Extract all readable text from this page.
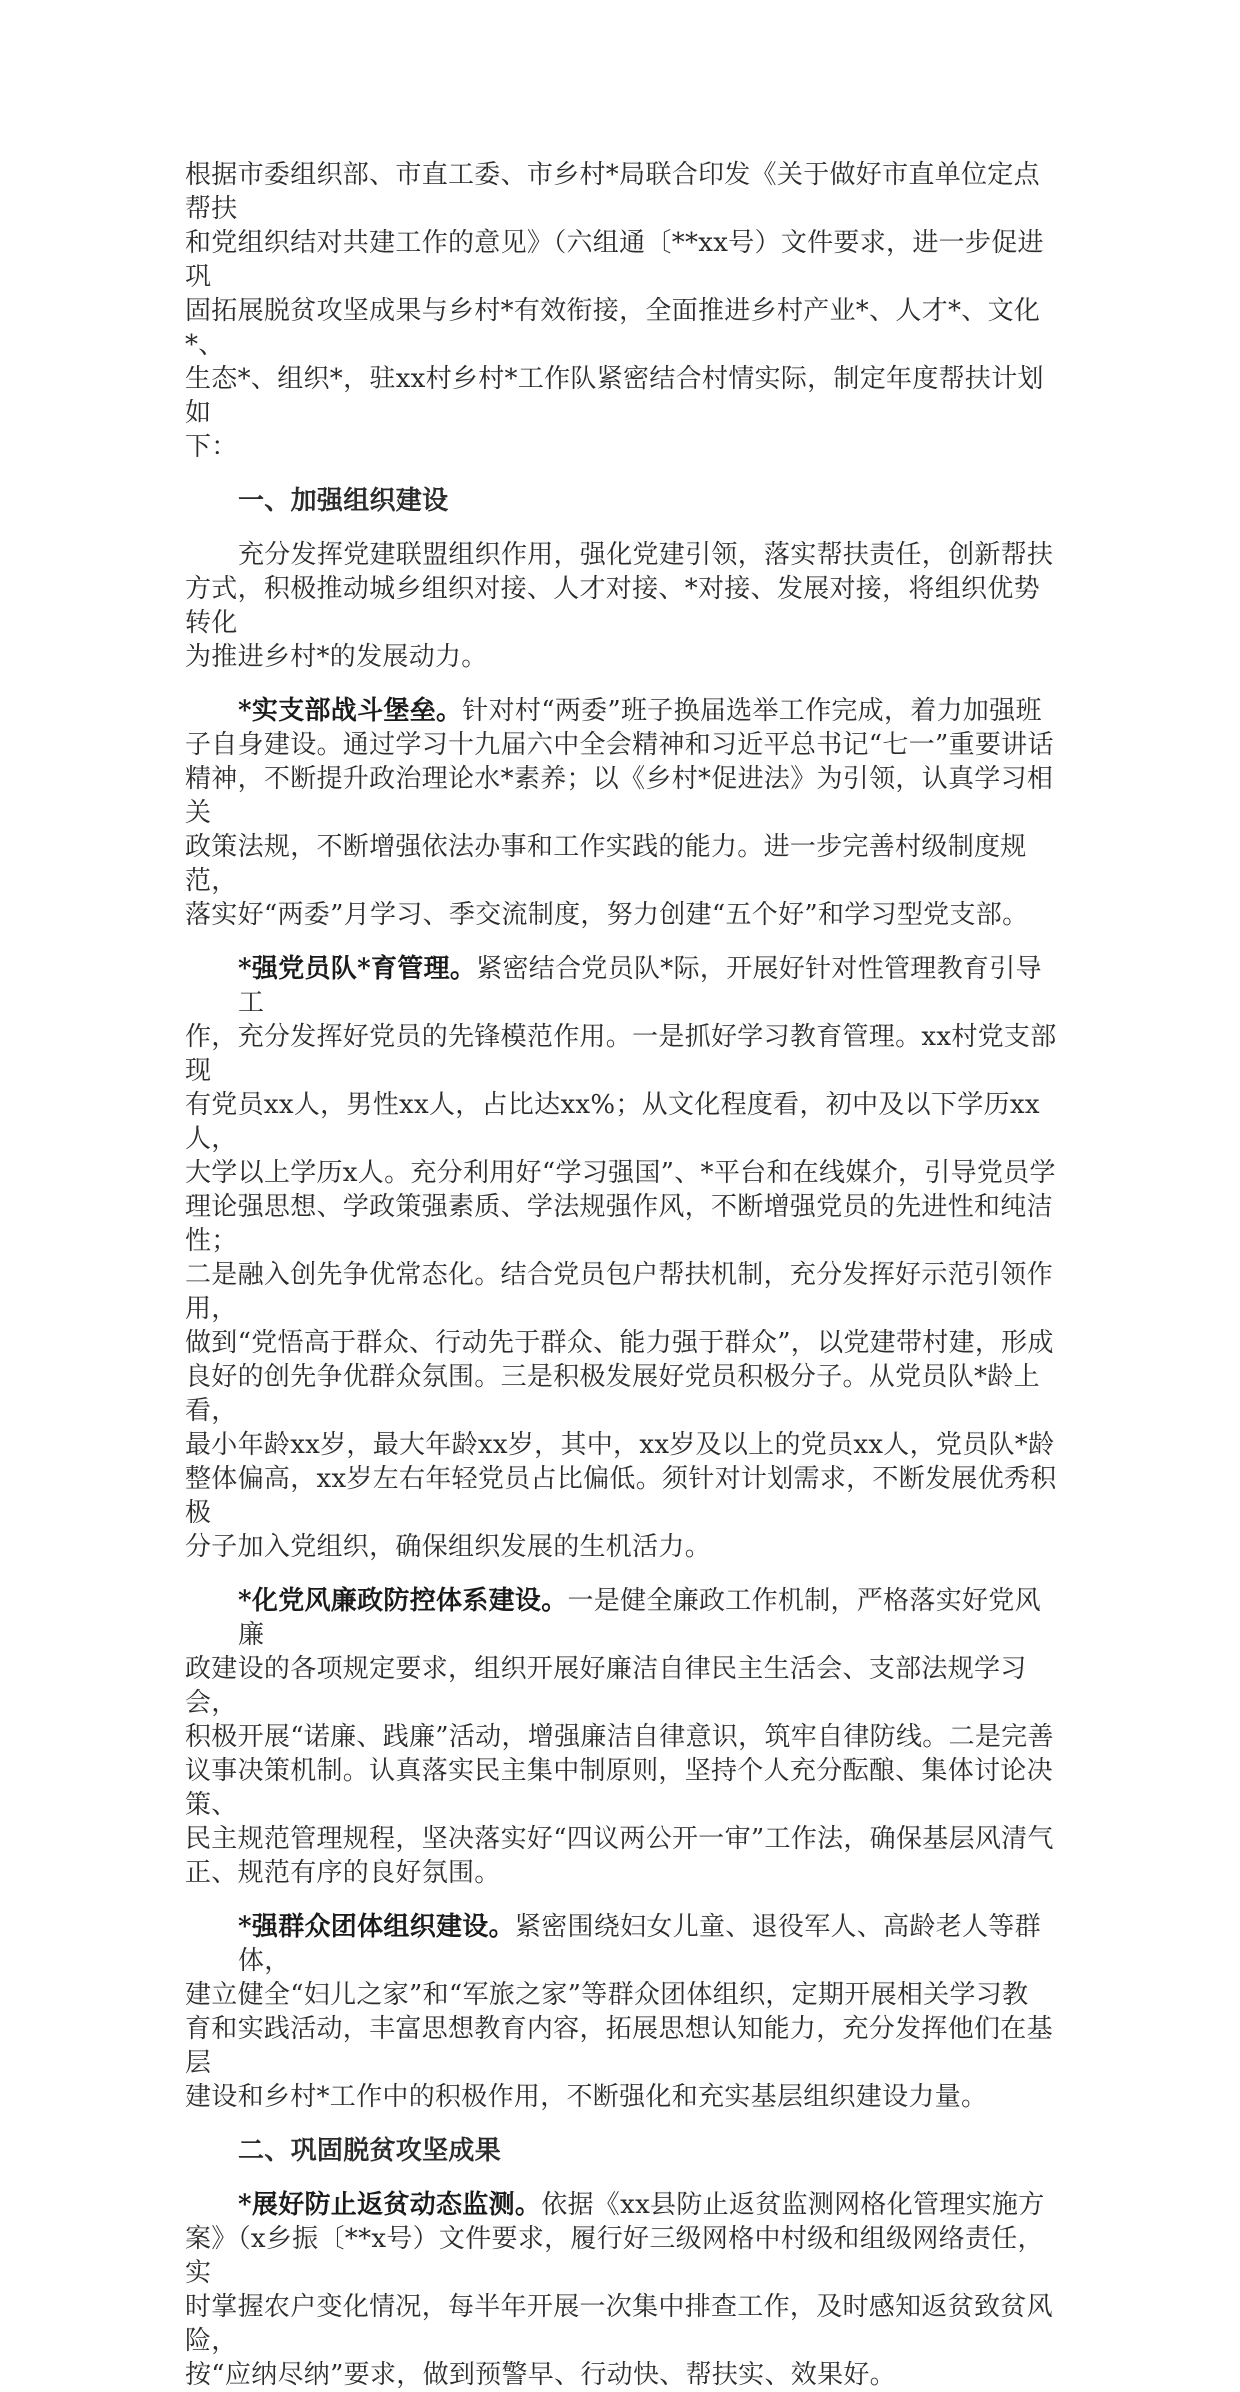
根据市委组织部、市直工委、市乡村*局联合印发《关于做好市直单位定点帮扶
和党组织结对共建工作的意见》（六组通〔**xx号）文件要求，进一步促进巩
固拓展脱贫攻坚成果与乡村*有效衔接，全面推进乡村产业*、人才*、文化*、
生态*、组织*，驻xx村乡村*工作队紧密结合村情实际，制定年度帮扶计划如
下：
一、加强组织建设
充分发挥党建联盟组织作用，强化党建引领，落实帮扶责任，创新帮扶
方式，积极推动城乡组织对接、人才对接、*对接、发展对接，将组织优势转化
为推进乡村*的发展动力。
*实支部战斗堡垒。针对村“两委”班子换届选举工作完成，着力加强班
子自身建设。通过学习十九届六中全会精神和习近平总书记“七一”重要讲话
精神，不断提升政治理论水*素养；以《乡村*促进法》为引领，认真学习相关
政策法规，不断增强依法办事和工作实践的能力。进一步完善村级制度规范，
落实好“两委”月学习、季交流制度，努力创建“五个好”和学习型党支部。
*强党员队*育管理。紧密结合党员队*际，开展好针对性管理教育引导工
作，充分发挥好党员的先锋模范作用。一是抓好学习教育管理。xx村党支部现
有党员xx人，男性xx人，占比达xx%；从文化程度看，初中及以下学历xx人，
大学以上学历x人。充分利用好“学习强国”、*平台和在线媒介，引导党员学
理论强思想、学政策强素质、学法规强作风，不断增强党员的先进性和纯洁性；
二是融入创先争优常态化。结合党员包户帮扶机制，充分发挥好示范引领作用，
做到“党悟高于群众、行动先于群众、能力强于群众”，以党建带村建，形成
良好的创先争优群众氛围。三是积极发展好党员积极分子。从党员队*龄上看，
最小年龄xx岁，最大年龄xx岁，其中，xx岁及以上的党员xx人，党员队*龄
整体偏高，xx岁左右年轻党员占比偏低。须针对计划需求，不断发展优秀积极
分子加入党组织，确保组织发展的生机活力。
*化党风廉政防控体系建设。一是健全廉政工作机制，严格落实好党风廉
政建设的各项规定要求，组织开展好廉洁自律民主生活会、支部法规学习会，
积极开展“诺廉、践廉”活动，增强廉洁自律意识，筑牢自律防线。二是完善
议事决策机制。认真落实民主集中制原则，坚持个人充分酝酿、集体讨论决策、
民主规范管理规程，坚决落实好“四议两公开一审”工作法，确保基层风清气
正、规范有序的良好氛围。
*强群众团体组织建设。紧密围绕妇女儿童、退役军人、高龄老人等群体，
建立健全“妇儿之家”和“军旅之家”等群众团体组织，定期开展相关学习教
育和实践活动，丰富思想教育内容，拓展思想认知能力，充分发挥他们在基层
建设和乡村*工作中的积极作用，不断强化和充实基层组织建设力量。
二、巩固脱贫攻坚成果
*展好防止返贫动态监测。依据《xx县防止返贫监测网格化管理实施方
案》（x乡振〔**x号）文件要求，履行好三级网格中村级和组级网络责任，实
时掌握农户变化情况，每半年开展一次集中排查工作，及时感知返贫致贫风险，
按“应纳尽纳”要求，做到预警早、行动快、帮扶实、效果好。
